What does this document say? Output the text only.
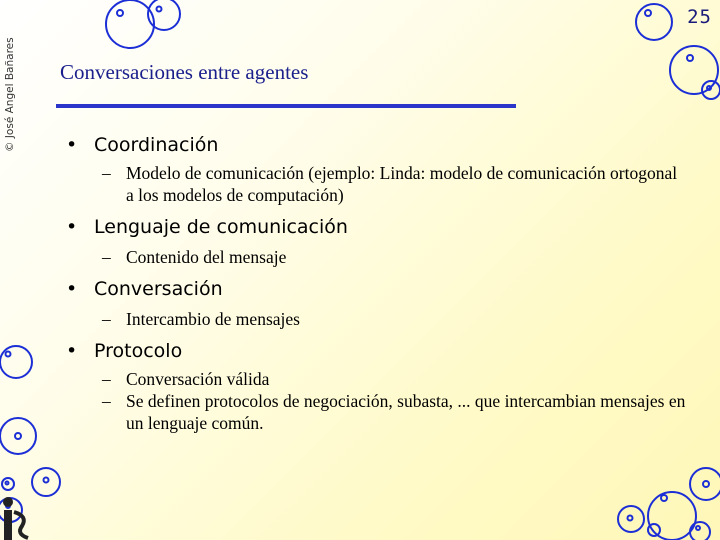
© José Angel Bañares
25
Conversaciones entre agentes
• Coordinación
– Modelo de comunicación (ejemplo: Linda: modelo de comunicación ortogonal a los modelos de computación)
• Lenguaje de comunicación
– Contenido del mensaje
• Conversación
– Intercambio de mensajes
• Protocolo
– Conversación válida
– Se definen protocolos de negociación, subasta, ... que intercambian mensajes en un lenguaje común.
